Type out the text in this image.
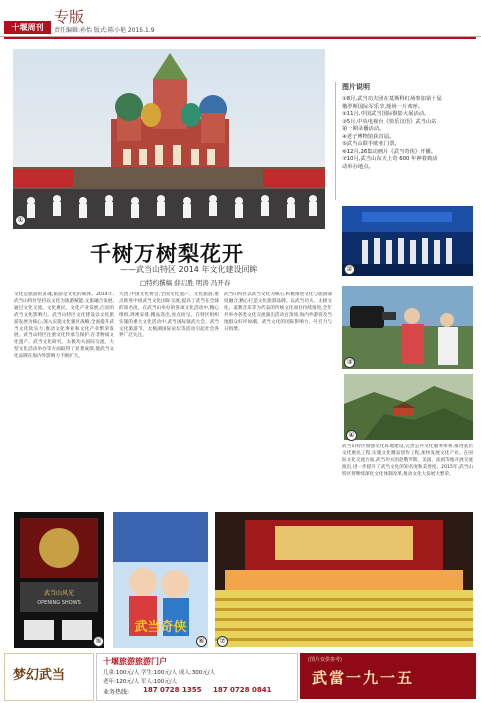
十堰周刊
专版
责任编辑:孙怡 版式:陈小艳 2015.1.9
①
图片说明
①8月,武当功夫团在莫斯科红场参加第十届
俄罗斯国际军乐节,现场一片欢呼。
②11月,中国武当国际摄影大展活动。
③5月,中央电视台《快乐汉语》武当山站
第一期录播活动。
④老子博物馆获首届。
⑤武当山联手欧亚门票。
⑥12月,26集动画片《武当奇侠》开播。
⑦10月,武当山东天上奇 600 年神着典活
动举办地点。
千树万树梨花开
——武当山特区 2014 年文化建设回眸
□特约撰稿 薛启胜 明涛 冯开春
文化是旅游的灵魂,旅游是文化的载体。2014年,武当山特区坚持以文化为旅游赋能,文旅融合发展,通过文化交流、文化惠民、文化产业发展,凸显的武当文化影响力。武当山特区文化建设以文化旅游发展为核心,深入实施文化强区战略,全面提升武当文化软实力,推动文化事业和文化产业繁荣发展。武当山特区注重文化传承与保护,在非物质文化遗产、武当文化研究、太极功夫国际交流、大型文化活动举办等方面取得了显著成绩,使武当文化品牌在海内外影响力不断扩大。
大团,中国文化协会,全国文化遗产、文化旅游,重点推进中国武当文化国际交流,提高了武当在全球的知名度。在武当山举办的各项文化活动中,精心组织,周密安排,精品迭出,亮点纷呈。在特区组织实施的重大文化活动中,武当国际演武大会、武当文化旅游节、太极湖国际论坛等活动引起社会各界广泛关注。
武当山特区以武当文化为核心,积极推进文化与旅游深度融合,精心打造文化旅游品牌。以武当功夫、太极文化、道教音乐等为代表的传统文化项目持续推进,全年共举办各类文化交流演出活动百余场,海内外游客及当地群众好评如潮。武当文化的国际影响力、号召力与日俱增。
武当山特区加强文化阵地建设,完善公共文化服务体系,推进基层文化惠民工程,实施文化精品创作工程,加快发展文化产业。在国际文化交流方面,武当功夫团赴俄罗斯、美国、法国等地开展交流演出,进一步提升了武当文化的知名度和美誉度。2015年,武当山特区将继续深化文化体制改革,推动文化大发展大繁荣。
②
③
④
武当山风光
OPENING SHOWS
⑤
武当奇侠
⑥	⑦
梦幻武当
十堰旅游旅游门户
儿童:100元/人 学生:100元/人 成人:300元/人
老年:120元/人 军人:100元/人
业务热线: 187 0728 1355 187 0728 0841
(图片仅供参考)
武當一九一五
